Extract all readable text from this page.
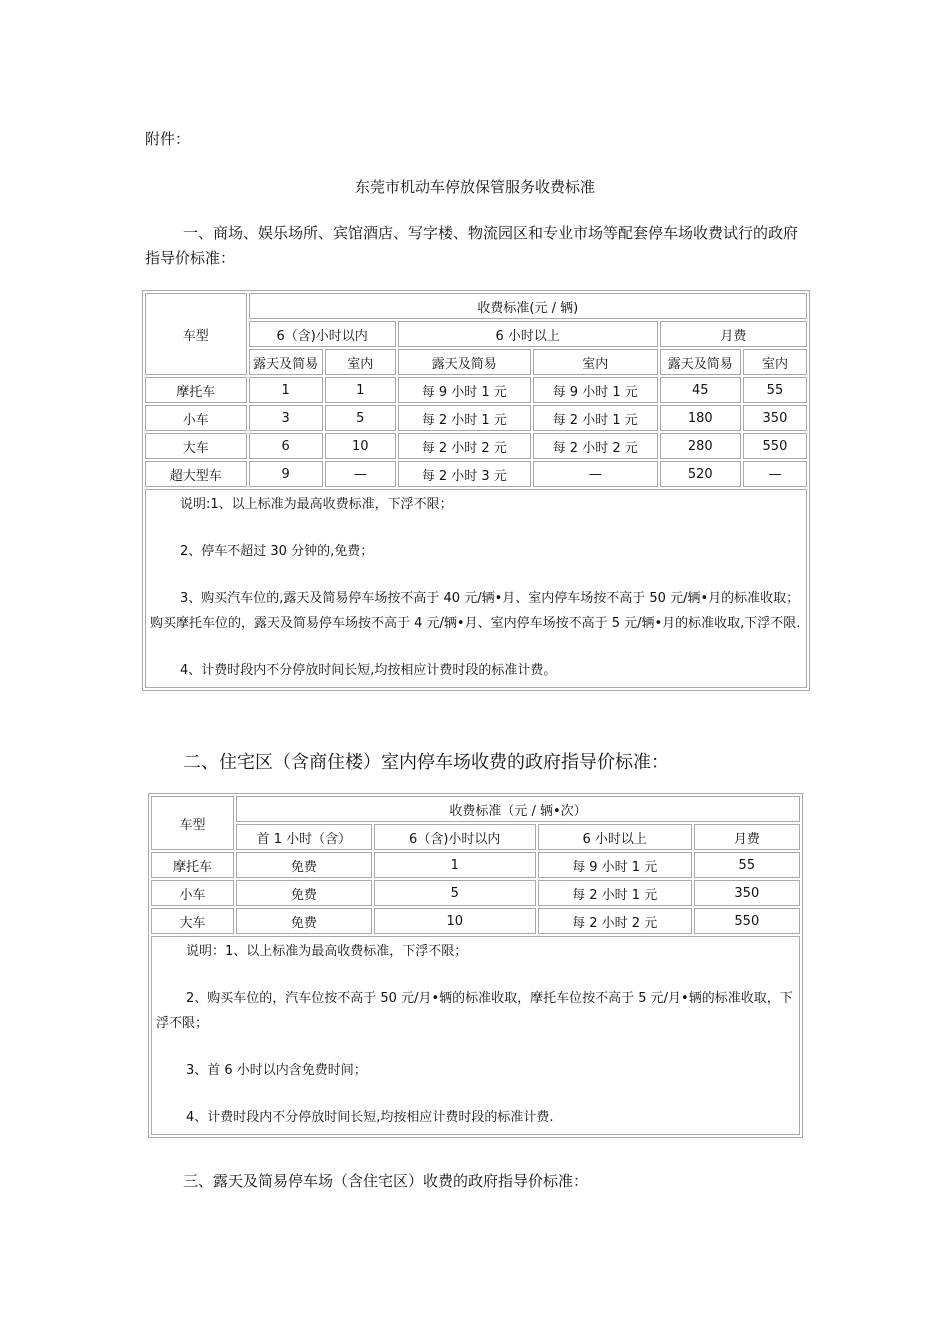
附件：
东莞市机动车停放保管服务收费标准
一、商场、娱乐场所、宾馆酒店、写字楼、物流园区和专业市场等配套停车场收费试行的政府指导价标准：
车型	收费标准(元 / 辆)					
	6（含)小时以内		6 小时以上		月费	
	露天及简易	室内	露天及简易	室内	露天及简易	室内
摩托车	1	1	每 9 小时 1 元	每 9 小时 1 元	45	55
小车	3	5	每 2 小时 1 元	每 2 小时 1 元	180	350
大车	6	10	每 2 小时 2 元	每 2 小时 2 元	280	550
超大型车	9	—	每 2 小时 3 元	—	520	—

说明:1、以上标准为最高收费标准，下浮不限；

2、停车不超过 30 分钟的,免费；

3、购买汽车位的,露天及简易停车场按不高于 40 元/辆•月、室内停车场按不高于 50 元/辆•月的标准收取；购买摩托车位的，露天及简易停车场按不高于 4 元/辆•月、室内停车场按不高于 5 元/辆•月的标准收取,下浮不限.

4、计费时段内不分停放时间长短,均按相应计费时段的标准计费。						

二、住宅区（含商住楼）室内停车场收费的政府指导价标准：
车型	收费标准（元 / 辆•次）			
	首 1 小时（含）	6（含)小时以内	6 小时以上	月费
摩托车	免费	1	每 9 小时 1 元	55
小车	免费	5	每 2 小时 1 元	350
大车	免费	10	每 2 小时 2 元	550

说明：1、以上标准为最高收费标准，下浮不限；

2、购买车位的，汽车位按不高于 50 元/月•辆的标准收取，摩托车位按不高于 5 元/月•辆的标准收取，下浮不限；

3、首 6 小时以内含免费时间；

4、计费时段内不分停放时间长短,均按相应计费时段的标准计费.				

三、露天及简易停车场（含住宅区）收费的政府指导价标准：
